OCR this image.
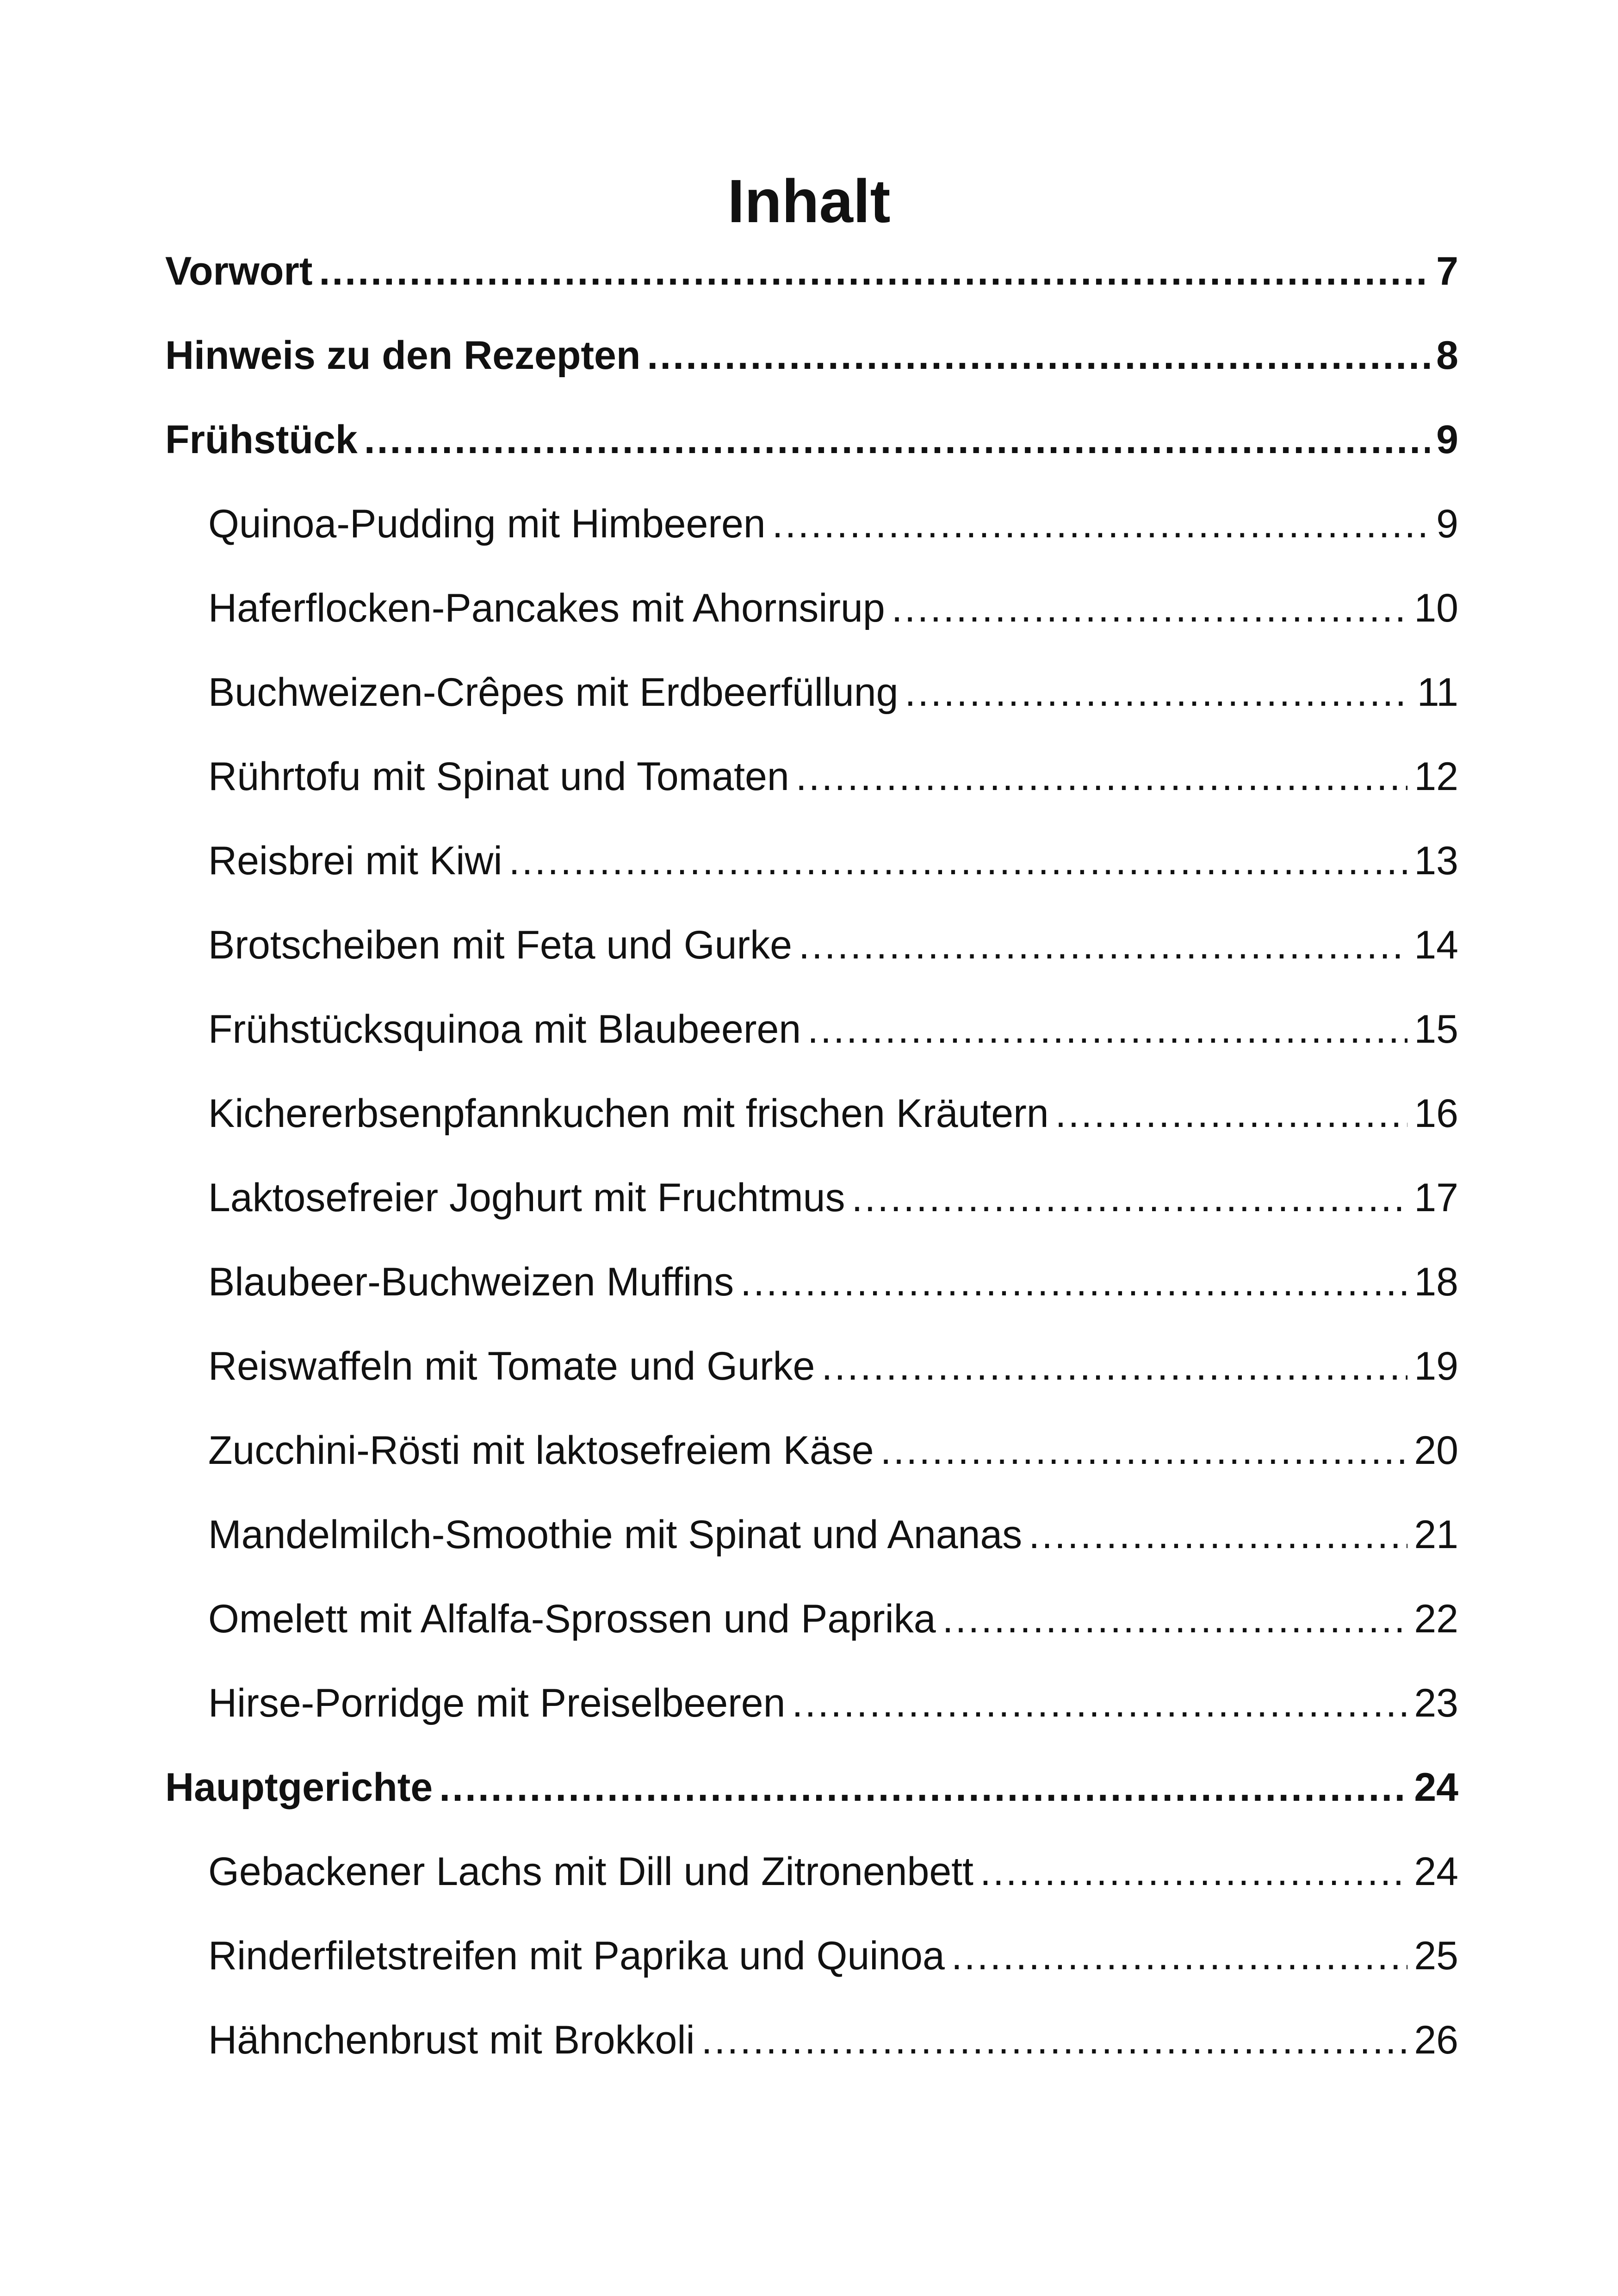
Inhalt
Vorwort .....	7
Hinweis zu den Rezepten .....	8
Frühstück .....	9
Quinoa-Pudding mit Himbeeren .....	9
Haferflocken-Pancakes mit Ahornsirup .....	10
Buchweizen-Crêpes mit Erdbeerfüllung .....	11
Rührtofu mit Spinat und Tomaten .....	12
Reisbrei mit Kiwi .....	13
Brotscheiben mit Feta und Gurke .....	14
Frühstücksquinoa mit Blaubeeren .....	15
Kichererbsenpfannkuchen mit frischen Kräutern .....	16
Laktosefreier Joghurt mit Fruchtmus .....	17
Blaubeer-Buchweizen Muffins .....	18
Reiswaffeln mit Tomate und Gurke .....	19
Zucchini-Rösti mit laktosefreiem Käse .....	20
Mandelmilch-Smoothie mit Spinat und Ananas .....	21
Omelett mit Alfalfa-Sprossen und Paprika .....	22
Hirse-Porridge mit Preiselbeeren .....	23
Hauptgerichte .....	24
Gebackener Lachs mit Dill und Zitronenbett .....	24
Rinderfiletstreifen mit Paprika und Quinoa .....	25
Hähnchenbrust mit Brokkoli .....	26
